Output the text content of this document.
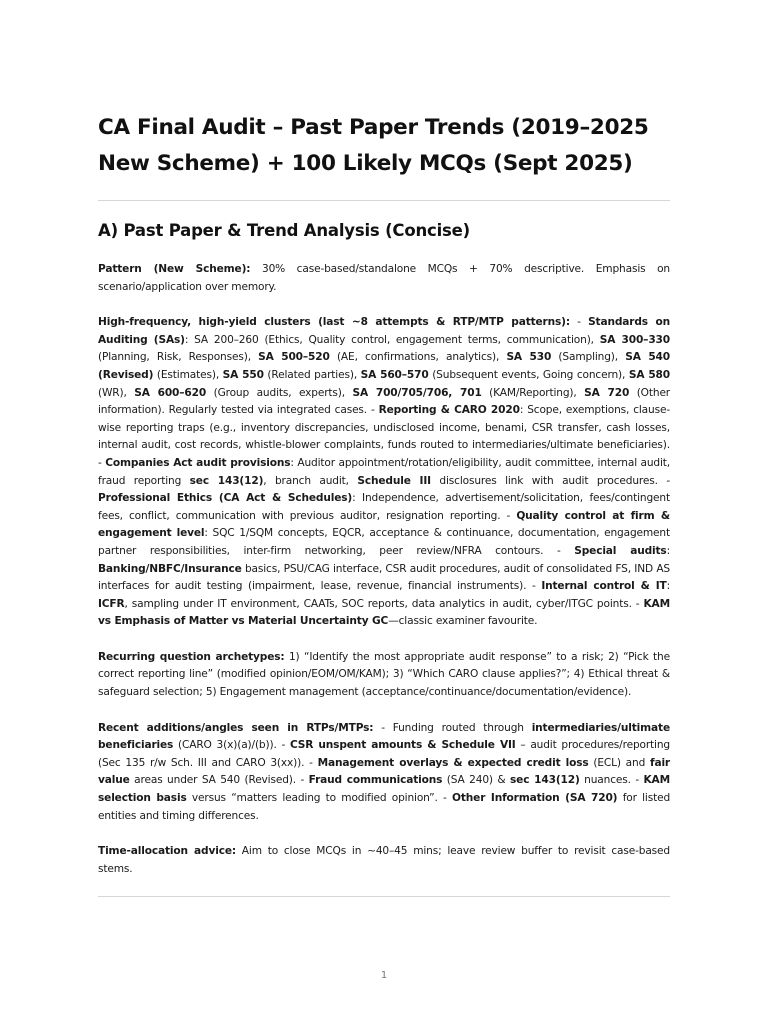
CA Final Audit – Past Paper Trends (2019–2025 New Scheme) + 100 Likely MCQs (Sept 2025)
A) Past Paper & Trend Analysis (Concise)

Pattern (New Scheme): 30% case-based/standalone MCQs + 70% descriptive. Emphasis on scenario/application over memory.

High-frequency, high-yield clusters (last ~8 attempts & RTP/MTP patterns): - Standards on Auditing (SAs): SA 200–260 (Ethics, Quality control, engagement terms, communication), SA 300–330 (Planning, Risk, Responses), SA 500–520 (AE, confirmations, analytics), SA 530 (Sampling), SA 540 (Revised) (Estimates), SA 550 (Related parties), SA 560–570 (Subsequent events, Going concern), SA 580 (WR), SA 600–620 (Group audits, experts), SA 700/705/706, 701 (KAM/Reporting), SA 720 (Other information). Regularly tested via integrated cases. - Reporting & CARO 2020: Scope, exemptions, clause-wise reporting traps (e.g., inventory discrepancies, undisclosed income, benami, CSR transfer, cash losses, internal audit, cost records, whistle-blower complaints, funds routed to intermediaries/ultimate beneficiaries). - Companies Act audit provisions: Auditor appointment/rotation/eligibility, audit committee, internal audit, fraud reporting sec 143(12), branch audit, Schedule III disclosures link with audit procedures. - Professional Ethics (CA Act & Schedules): Independence, advertisement/solicitation, fees/contingent fees, conflict, communication with previous auditor, resignation reporting. - Quality control at firm & engagement level: SQC 1/SQM concepts, EQCR, acceptance & continuance, documentation, engagement partner responsibilities, inter-firm networking, peer review/NFRA contours. - Special audits: Banking/NBFC/Insurance basics, PSU/CAG interface, CSR audit procedures, audit of consolidated FS, IND AS interfaces for audit testing (impairment, lease, revenue, financial instruments). - Internal control & IT: ICFR, sampling under IT environment, CAATs, SOC reports, data analytics in audit, cyber/ITGC points. - KAM vs Emphasis of Matter vs Material Uncertainty GC—classic examiner favourite.

Recurring question archetypes: 1) “Identify the most appropriate audit response” to a risk; 2) “Pick the correct reporting line” (modified opinion/EOM/OM/KAM); 3) “Which CARO clause applies?”; 4) Ethical threat & safeguard selection; 5) Engagement management (acceptance/continuance/documentation/evidence).

Recent additions/angles seen in RTPs/MTPs: - Funding routed through intermediaries/ultimate beneficiaries (CARO 3(x)(a)/(b)). - CSR unspent amounts & Schedule VII – audit procedures/reporting (Sec 135 r/w Sch. III and CARO 3(xx)). - Management overlays & expected credit loss (ECL) and fair value areas under SA 540 (Revised). - Fraud communications (SA 240) & sec 143(12) nuances. - KAM selection basis versus “matters leading to modified opinion”. - Other Information (SA 720) for listed entities and timing differences.

Time-allocation advice: Aim to close MCQs in ~40–45 mins; leave review buffer to revisit case-based stems.

1
